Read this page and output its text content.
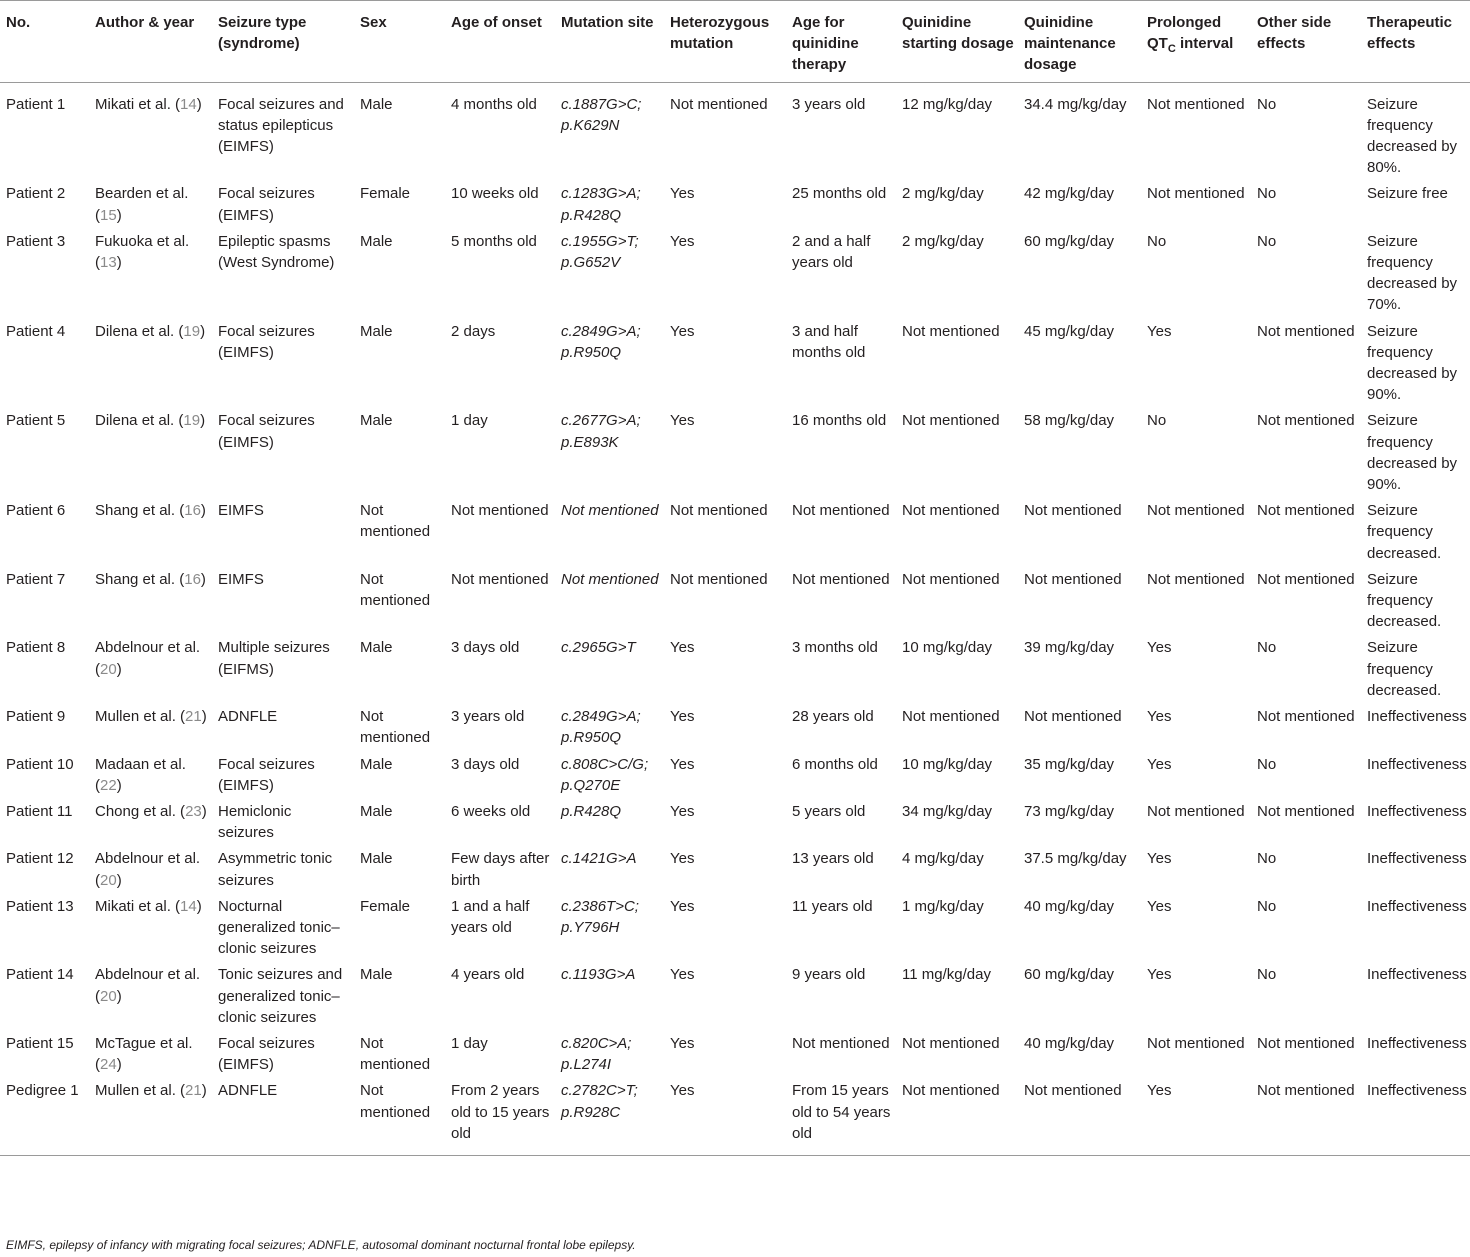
No.	Author & year	Seizure type (syndrome)	Sex	Age of onset	Mutation site	Heterozygous mutation	Age for quinidine therapy	Quinidine starting dosage	Quinidine maintenance dosage	Prolonged $QT_C$ interval	Other side effects	Therapeutic effects
Patient 1	Mikati et al. (14)	Focal seizures and status epilepticus (EIMFS)	Male	4 months old	c.1887G>C; p.K629N	Not mentioned	3 years old	12 mg/kg/day	34.4 mg/kg/day	Not mentioned	No	Seizure frequency decreased by 80%.
Patient 2	Bearden et al. (15)	Focal seizures (EIMFS)	Female	10 weeks old	c.1283G>A; p.R428Q	Yes	25 months old	2 mg/kg/day	42 mg/kg/day	Not mentioned	No	Seizure free
Patient 3	Fukuoka et al. (13)	Epileptic spasms (West Syndrome)	Male	5 months old	c.1955G>T; p.G652V	Yes	2 and a half years old	2 mg/kg/day	60 mg/kg/day	No	No	Seizure frequency decreased by 70%.
Patient 4	Dilena et al. (19)	Focal seizures (EIMFS)	Male	2 days	c.2849G>A; p.R950Q	Yes	3 and half months old	Not mentioned	45 mg/kg/day	Yes	Not mentioned	Seizure frequency decreased by 90%.
Patient 5	Dilena et al. (19)	Focal seizures (EIMFS)	Male	1 day	c.2677G>A; p.E893K	Yes	16 months old	Not mentioned	58 mg/kg/day	No	Not mentioned	Seizure frequency decreased by 90%.
Patient 6	Shang et al. (16)	EIMFS	Not mentioned	Not mentioned	Not mentioned	Not mentioned	Not mentioned	Not mentioned	Not mentioned	Not mentioned	Not mentioned	Seizure frequency decreased.
Patient 7	Shang et al. (16)	EIMFS	Not mentioned	Not mentioned	Not mentioned	Not mentioned	Not mentioned	Not mentioned	Not mentioned	Not mentioned	Not mentioned	Seizure frequency decreased.
Patient 8	Abdelnour et al. (20)	Multiple seizures (EIFMS)	Male	3 days old	c.2965G>T	Yes	3 months old	10 mg/kg/day	39 mg/kg/day	Yes	No	Seizure frequency decreased.
Patient 9	Mullen et al. (21)	ADNFLE	Not mentioned	3 years old	c.2849G>A; p.R950Q	Yes	28 years old	Not mentioned	Not mentioned	Yes	Not mentioned	Ineffectiveness
Patient 10	Madaan et al. (22)	Focal seizures (EIMFS)	Male	3 days old	c.808C>C/G; p.Q270E	Yes	6 months old	10 mg/kg/day	35 mg/kg/day	Yes	No	Ineffectiveness
Patient 11	Chong et al. (23)	Hemiclonic seizures	Male	6 weeks old	p.R428Q	Yes	5 years old	34 mg/kg/day	73 mg/kg/day	Not mentioned	Not mentioned	Ineffectiveness
Patient 12	Abdelnour et al. (20)	Asymmetric tonic seizures	Male	Few days after birth	c.1421G>A	Yes	13 years old	4 mg/kg/day	37.5 mg/kg/day	Yes	No	Ineffectiveness
Patient 13	Mikati et al. (14)	Nocturnal generalized tonic–clonic seizures	Female	1 and a half years old	c.2386T>C; p.Y796H	Yes	11 years old	1 mg/kg/day	40 mg/kg/day	Yes	No	Ineffectiveness
Patient 14	Abdelnour et al. (20)	Tonic seizures and generalized tonic–clonic seizures	Male	4 years old	c.1193G>A	Yes	9 years old	11 mg/kg/day	60 mg/kg/day	Yes	No	Ineffectiveness
Patient 15	McTague et al. (24)	Focal seizures (EIMFS)	Not mentioned	1 day	c.820C>A; p.L274I	Yes	Not mentioned	Not mentioned	40 mg/kg/day	Not mentioned	Not mentioned	Ineffectiveness
Pedigree 1	Mullen et al. (21)	ADNFLE	Not mentioned	From 2 years old to 15 years old	c.2782C>T; p.R928C	Yes	From 15 years old to 54 years old	Not mentioned	Not mentioned	Yes	Not mentioned	Ineffectiveness
EIMFS, epilepsy of infancy with migrating focal seizures; ADNFLE, autosomal dominant nocturnal frontal lobe epilepsy.
